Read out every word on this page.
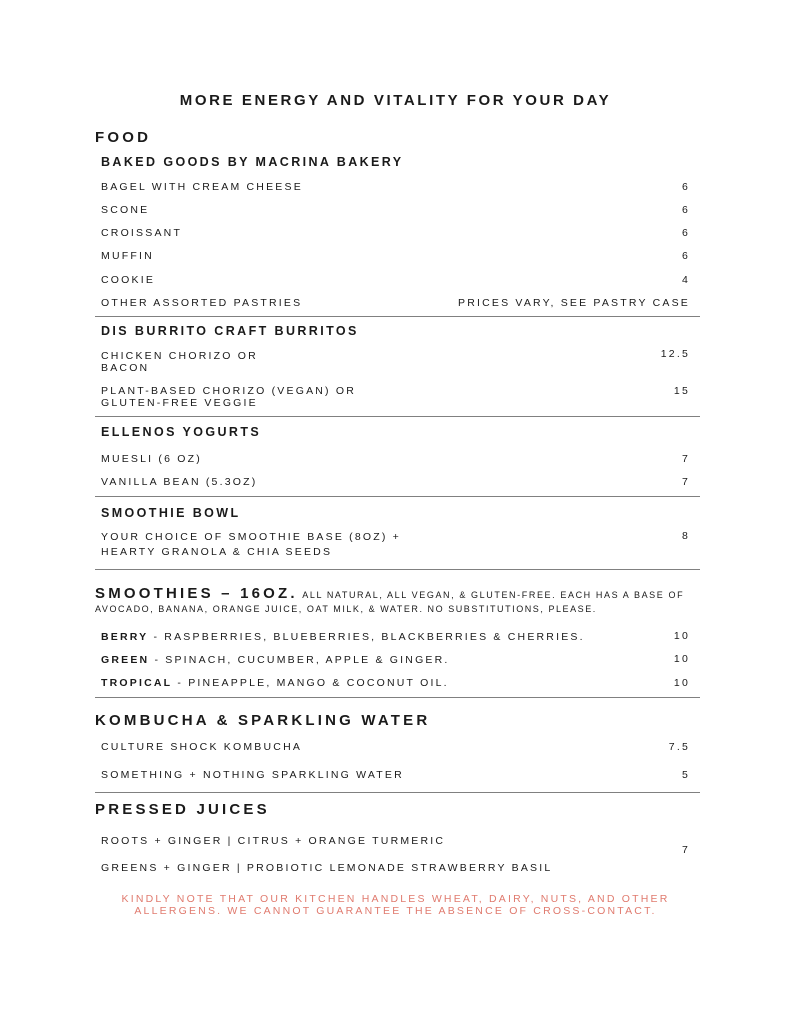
MORE ENERGY AND VITALITY FOR YOUR DAY
FOOD
BAKED GOODS BY MACRINA BAKERY
BAGEL WITH CREAM CHEESE	6
SCONE	6
CROISSANT	6
MUFFIN	6
COOKIE	4
OTHER ASSORTED PASTRIES	PRICES VARY, SEE PASTRY CASE
DIS BURRITO CRAFT BURRITOS
CHICKEN CHORIZO OR
BACON
12.5
PLANT-BASED CHORIZO (VEGAN) OR
GLUTEN-FREE VEGGIE
15
ELLENOS YOGURTS
MUESLI (6 OZ)	7
VANILLA BEAN (5.3OZ)	7
SMOOTHIE BOWL
YOUR CHOICE OF SMOOTHIE BASE (8OZ) +
HEARTY GRANOLA & CHIA SEEDS
8
SMOOTHIES – 16OZ. ALL NATURAL, ALL VEGAN, & GLUTEN-FREE. EACH HAS A BASE OF
AVOCADO, BANANA, ORANGE JUICE, OAT MILK, & WATER. NO SUBSTITUTIONS, PLEASE.
BERRY - RASPBERRIES, BLUEBERRIES, BLACKBERRIES & CHERRIES.	10
GREEN - SPINACH, CUCUMBER, APPLE & GINGER.	10
TROPICAL - PINEAPPLE, MANGO & COCONUT OIL.	10
KOMBUCHA & SPARKLING WATER
CULTURE SHOCK KOMBUCHA	7.5
SOMETHING + NOTHING SPARKLING WATER	5
PRESSED JUICES
ROOTS + GINGER | CITRUS + ORANGE TURMERIC
GREENS + GINGER | PROBIOTIC LEMONADE STRAWBERRY BASIL
7
KINDLY NOTE THAT OUR KITCHEN HANDLES WHEAT, DAIRY, NUTS, AND OTHER
ALLERGENS. WE CANNOT GUARANTEE THE ABSENCE OF CROSS-CONTACT.
